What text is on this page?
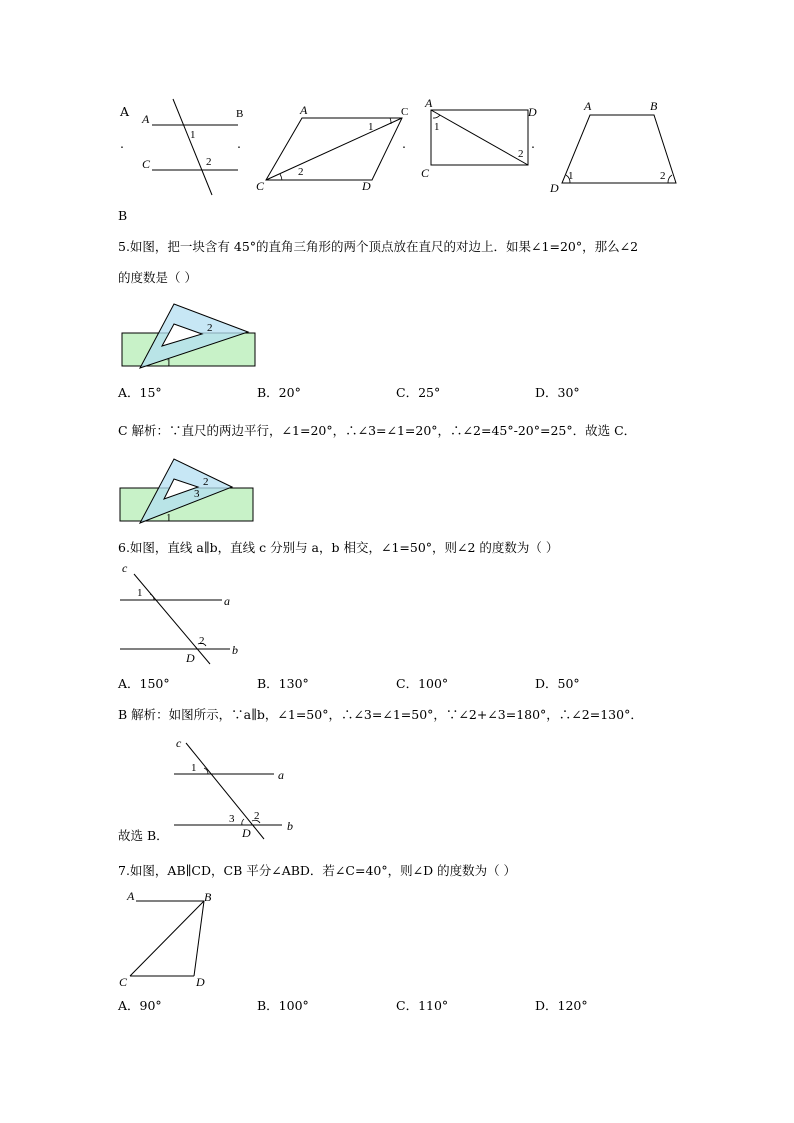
A
.	.	.	.
A	B
C
1
2
A	C
C	D
1
2
A
D
C
1
2
A	B
D
1	2
B
5.如图，把一块含有 45°的直角三角形的两个顶点放在直尺的对边上．如果∠1=20°，那么∠2
的度数是（ ）
2
1
A．15°	B．20°	C．25°	D．30°
C 解析：∵直尺的两边平行，∠1=20°，∴∠3=∠1=20°，∴∠2=45°-20°=25°．故选 C．
2
3
1
6.如图，直线 a∥b，直线 c 分别与 a，b 相交，∠1=50°，则∠2 的度数为（ ）
c
a
b
D
1
2
A．150°	B．130°	C．100°	D．50°
B 解析：如图所示，∵a∥b，∠1=50°，∴∠3=∠1=50°，∵∠2+∠3=180°，∴∠2=130°．
c
a
b
D
1
2
3
故选 B．
7.如图，AB∥CD，CB 平分∠ABD．若∠C=40°，则∠D 的度数为（ ）
A	B
C	D
A．90°	B．100°	C．110°	D．120°
